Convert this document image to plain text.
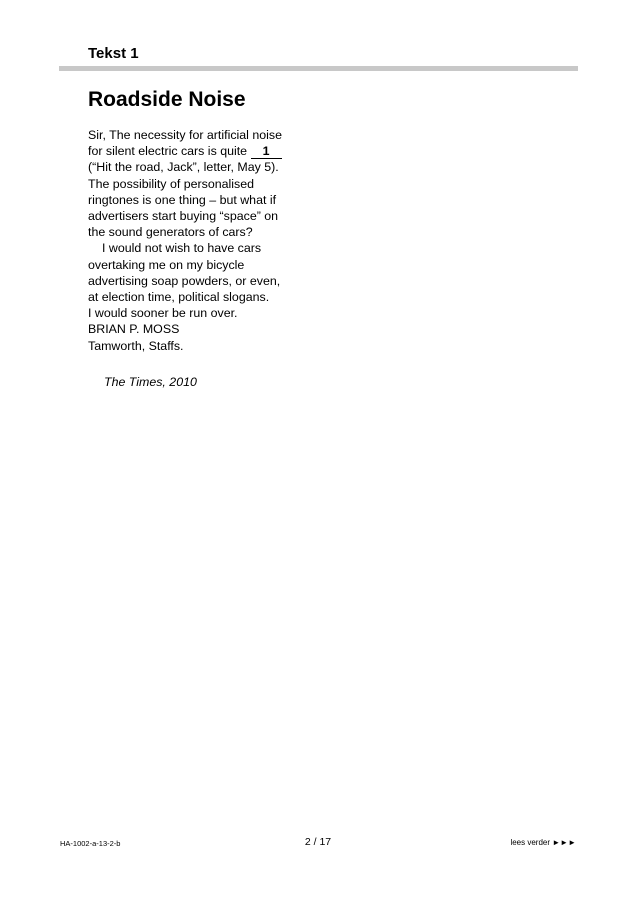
Tekst 1
Roadside Noise

Sir, The necessity for artificial noise
for silent electric cars is quite 1
(“Hit the road, Jack”, letter, May 5).
The possibility of personalised
ringtones is one thing – but what if
advertisers start buying “space” on
the sound generators of cars?

I would not wish to have cars
overtaking me on my bicycle
advertising soap powders, or even,
at election time, political slogans.
I would sooner be run over.

BRIAN P. MOSS
Tamworth, Staffs.

The Times, 2010
HA-1002-a-13-2-b	2 / 17	lees verder ►►►
